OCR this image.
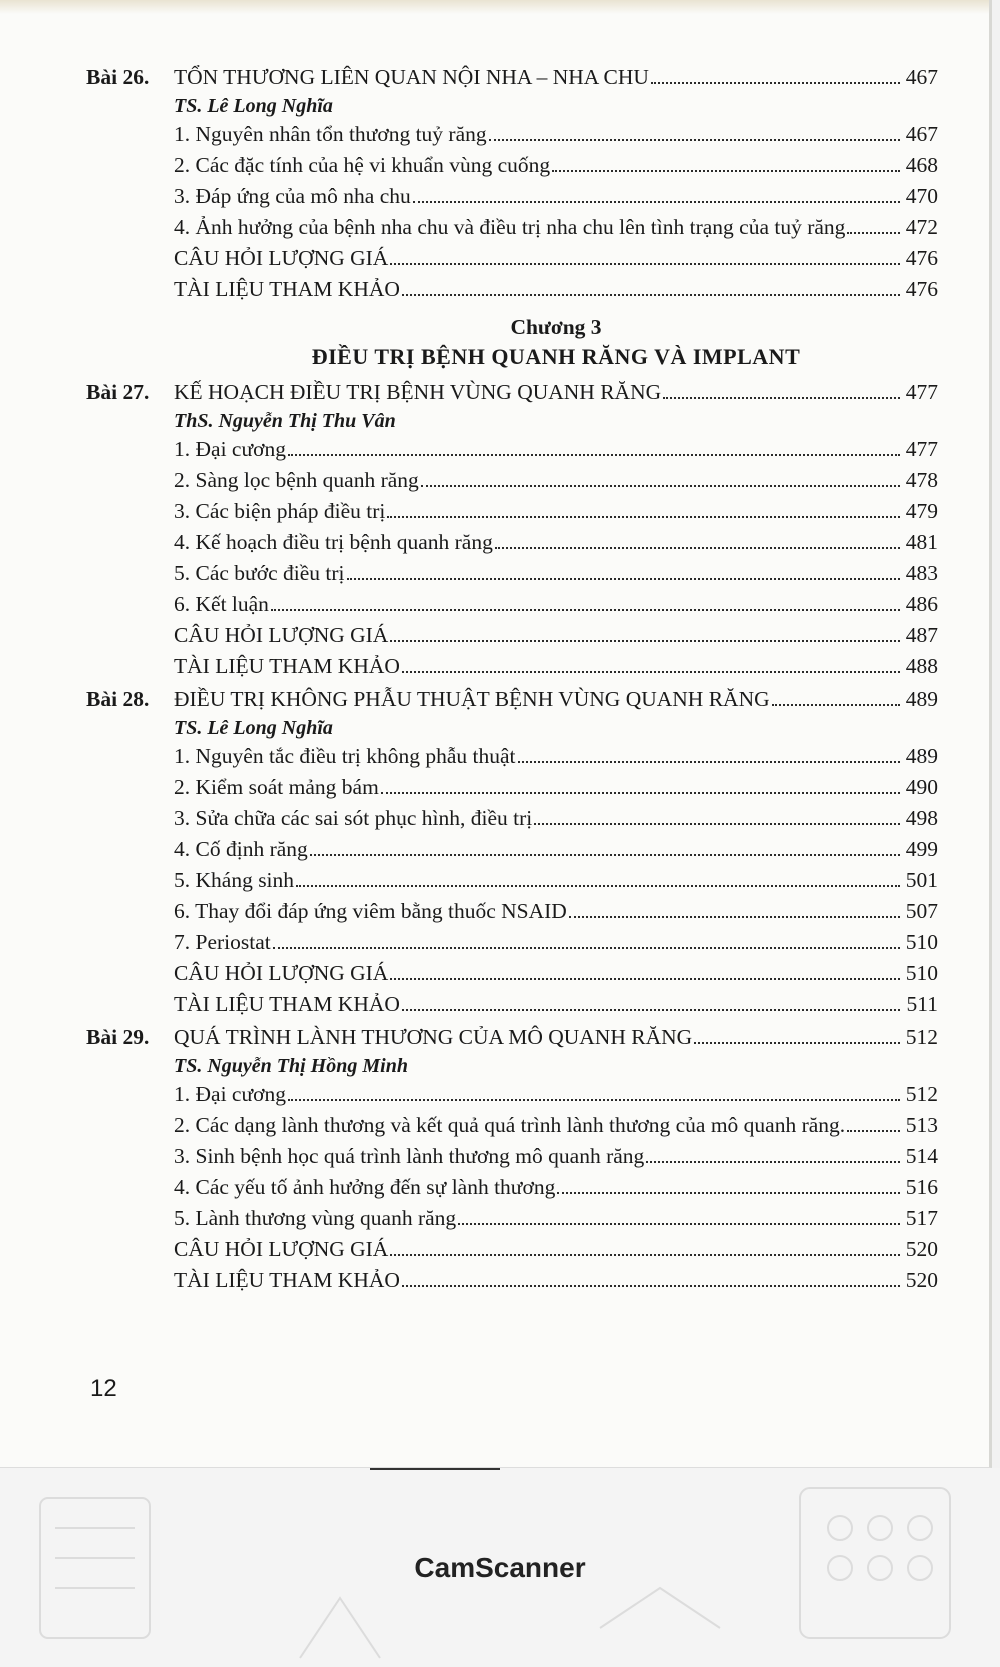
Bài 26.	TỔN THƯƠNG LIÊN QUAN NỘI NHA – NHA CHU	467
TS. Lê Long Nghĩa
1. Nguyên nhân tổn thương tuỷ răng	467
2. Các đặc tính của hệ vi khuẩn vùng cuống	468
3. Đáp ứng của mô nha chu	470
4. Ảnh hưởng của bệnh nha chu và điều trị nha chu lên tình trạng của tuỷ răng	472
CÂU HỎI LƯỢNG GIÁ	476
TÀI LIỆU THAM KHẢO	476
Chương 3
ĐIỀU TRỊ BỆNH QUANH RĂNG VÀ IMPLANT
Bài 27.	KẾ HOẠCH ĐIỀU TRỊ BỆNH VÙNG QUANH RĂNG	477
ThS. Nguyễn Thị Thu Vân
1. Đại cương	477
2. Sàng lọc bệnh quanh răng	478
3. Các biện pháp điều trị	479
4. Kế hoạch điều trị bệnh quanh răng	481
5. Các bước điều trị	483
6. Kết luận	486
CÂU HỎI LƯỢNG GIÁ	487
TÀI LIỆU THAM KHẢO	488
Bài 28.	ĐIỀU TRỊ KHÔNG PHẪU THUẬT BỆNH VÙNG QUANH RĂNG	489
TS. Lê Long Nghĩa
1. Nguyên tắc điều trị không phẫu thuật	489
2. Kiểm soát mảng bám	490
3. Sửa chữa các sai sót phục hình, điều trị	498
4. Cố định răng	499
5. Kháng sinh	501
6. Thay đổi đáp ứng viêm bằng thuốc NSAID	507
7. Periostat	510
CÂU HỎI LƯỢNG GIÁ	510
TÀI LIỆU THAM KHẢO	511
Bài 29.	QUÁ TRÌNH LÀNH THƯƠNG CỦA MÔ QUANH RĂNG	512
TS. Nguyễn Thị Hồng Minh
1. Đại cương	512
2. Các dạng lành thương và kết quả quá trình lành thương của mô quanh răng.	513
3. Sinh bệnh học quá trình lành thương mô quanh răng	514
4. Các yếu tố ảnh hưởng đến sự lành thương	516
5. Lành thương vùng quanh răng	517
CÂU HỎI LƯỢNG GIÁ	520
TÀI LIỆU THAM KHẢO	520
12
CamScanner
